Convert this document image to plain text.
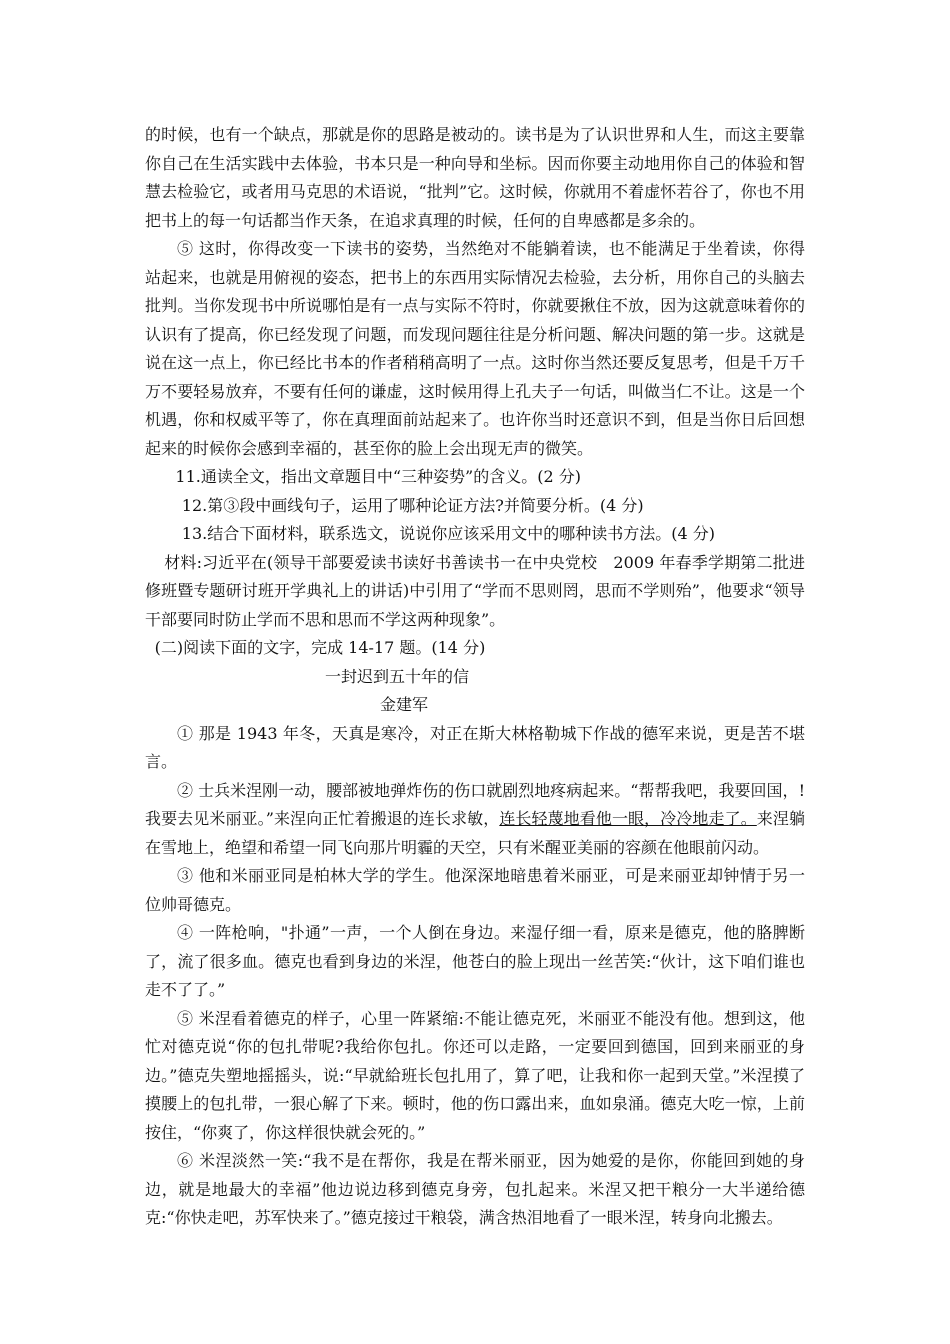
的时候，也有一个缺点，那就是你的思路是被动的。读书是为了认识世界和人生，而这主要靠你自己在生活实践中去体验，书本只是一种向导和坐标。因而你要主动地用你自己的体验和智慧去检验它，或者用马克思的术语说，“批判”它。这时候，你就用不着虚怀若谷了，你也不用把书上的每一句话都当作天条，在追求真理的时候，任何的自卑感都是多余的。

⑤ 这时，你得改变一下读书的姿势，当然绝对不能躺着读，也不能满足于坐着读，你得站起来，也就是用俯视的姿态，把书上的东西用实际情况去检验，去分析，用你自己的头脑去批判。当你发现书中所说哪怕是有一点与实际不符时，你就要揪住不放，因为这就意味着你的认识有了提高，你已经发现了问题，而发现问题往往是分析问题、解决问题的第一步。这就是说在这一点上，你已经比书本的作者稍稍高明了一点。这时你当然还要反复思考，但是千万千万不要轻易放弃，不要有任何的谦虚，这时候用得上孔夫子一句话，叫做当仁不让。这是一个机遇，你和权威平等了，你在真理面前站起来了。也许你当时还意识不到，但是当你日后回想起来的时候你会感到幸福的，甚至你的脸上会出现无声的微笑。

11.通读全文，指出文章题目中“三种姿势”的含义。(2 分)

12.第③段中画线句子，运用了哪种论证方法?并简要分析。(4 分)

13.结合下面材料，联系选文，说说你应该采用文中的哪种读书方法。(4 分)

材料:习近平在(领导干部要爱读书读好书善读书一在中央党校　2009 年春季学期第二批进修班暨专题研讨班开学典礼上的讲话)中引用了“学而不思则罔，思而不学则殆”，他要求“领导干部要同时防止学而不思和思而不学这两种现象”。

(二)阅读下面的文字，完成 14-17 题。(14 分)

一封迟到五十年的信

金建军

① 那是 1943 年冬，天真是寒冷，对正在斯大林格勒城下作战的德军来说，更是苦不堪言。

② 士兵米涅刚一动，腰部被地弹炸伤的伤口就剧烈地疼病起来。“帮帮我吧，我要回国，!我要去见米丽亚。”来涅向正忙着搬退的连长求敏，连长轻蔑地看他一眼，冷冷地走了。来涅躺在雪地上，绝望和希望一同飞向那片明霾的天空，只有米醒亚美丽的容颜在他眼前闪动。

③ 他和米丽亚同是柏林大学的学生。他深深地暗患着米丽亚，可是来丽亚却钟情于另一位帅哥德克。

④ 一阵枪响，"扑通”一声，一个人倒在身边。来湿仔细一看，原来是德克，他的胳脾断了，流了很多血。德克也看到身边的米涅，他苍白的脸上现出一丝苦笑:“伙计，这下咱们谁也走不了了。”

⑤ 米涅看着德克的样子，心里一阵紧缩:不能让德克死，米丽亚不能没有他。想到这，他忙对德克说“你的包扎带呢?我给你包扎。你还可以走路，一定要回到德国，回到来丽亚的身边。”德克失塑地摇摇头，说:“早就給班长包扎用了，算了吧，让我和你一起到天堂。”米涅摸了摸腰上的包扎带，一狠心解了下来。顿时，他的伤口露出来，血如泉涌。德克大吃一惊，上前按住，“你爽了，你这样很快就会死的。”

⑥ 米涅淡然一笑:“我不是在帮你，我是在帮米丽亚，因为她爱的是你，你能回到她的身边，就是地最大的幸福”他边说边移到德克身旁，包扎起来。米涅又把干粮分一大半递给德克:“你快走吧，苏军快来了。”德克接过干粮袋，满含热泪地看了一眼米涅，转身向北搬去。
